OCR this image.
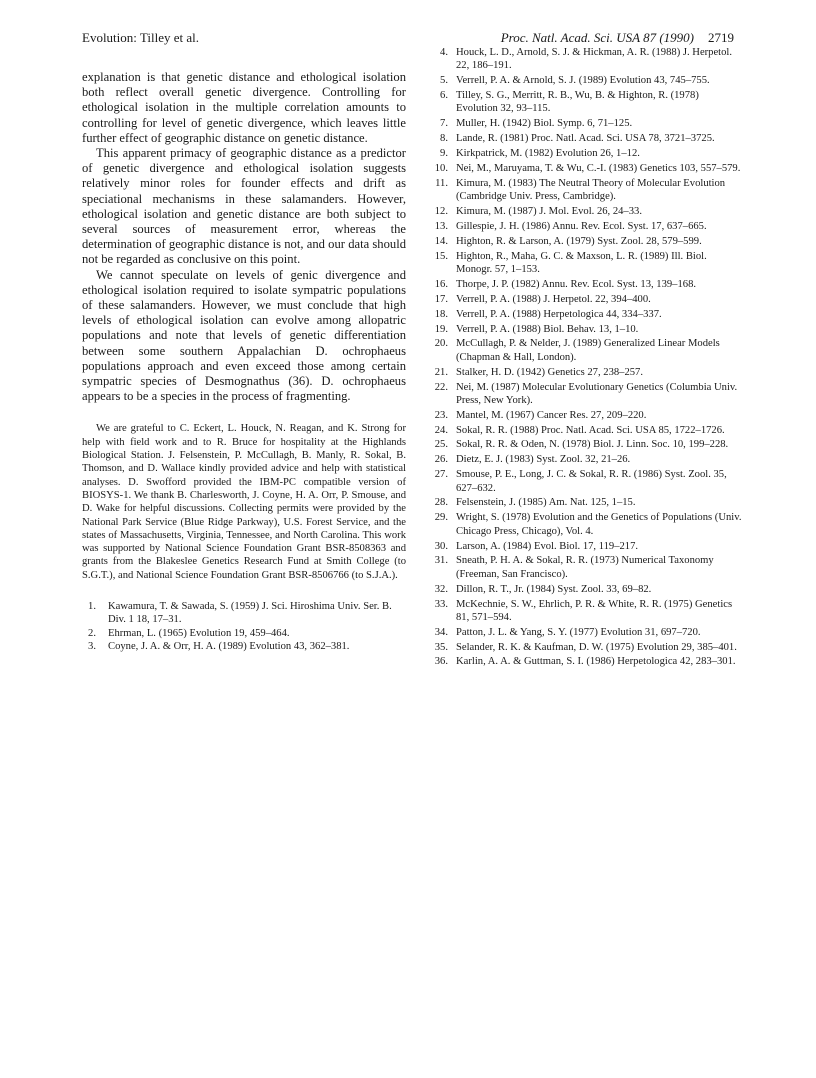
Evolution: Tilley et al.	Proc. Natl. Acad. Sci. USA 87 (1990) 2719

explanation is that genetic distance and ethological isolation both reflect overall genetic divergence. Controlling for ethological isolation in the multiple correlation amounts to controlling for level of genetic divergence, which leaves little further effect of geographic distance on genetic distance.

This apparent primacy of geographic distance as a predictor of genetic divergence and ethological isolation suggests relatively minor roles for founder effects and drift as speciational mechanisms in these salamanders. However, ethological isolation and genetic distance are both subject to several sources of measurement error, whereas the determination of geographic distance is not, and our data should not be regarded as conclusive on this point.

We cannot speculate on levels of genic divergence and ethological isolation required to isolate sympatric populations of these salamanders. However, we must conclude that high levels of ethological isolation can evolve among allopatric populations and note that levels of genetic differentiation between some southern Appalachian D. ochrophaeus populations approach and even exceed those among certain sympatric species of Desmognathus (36). D. ochrophaeus appears to be a species in the process of fragmenting.

We are grateful to C. Eckert, L. Houck, N. Reagan, and K. Strong for help with field work and to R. Bruce for hospitality at the Highlands Biological Station. J. Felsenstein, P. McCullagh, B. Manly, R. Sokal, B. Thomson, and D. Wallace kindly provided advice and help with statistical analyses. D. Swofford provided the IBM-PC compatible version of BIOSYS-1. We thank B. Charlesworth, J. Coyne, H. A. Orr, P. Smouse, and D. Wake for helpful discussions. Collecting permits were provided by the National Park Service (Blue Ridge Parkway), U.S. Forest Service, and the states of Massachusetts, Virginia, Tennessee, and North Carolina. This work was supported by National Science Foundation Grant BSR-8508363 and grants from the Blakeslee Genetics Research Fund at Smith College (to S.G.T.), and National Science Foundation Grant BSR-8506766 (to S.J.A.).

1. Kawamura, T. & Sawada, S. (1959) J. Sci. Hiroshima Univ. Ser. B. Div. 1 18, 17–31.
2. Ehrman, L. (1965) Evolution 19, 459–464.
3. Coyne, J. A. & Orr, H. A. (1989) Evolution 43, 362–381.
4. Houck, L. D., Arnold, S. J. & Hickman, A. R. (1988) J. Herpetol. 22, 186–191.
5. Verrell, P. A. & Arnold, S. J. (1989) Evolution 43, 745–755.
6. Tilley, S. G., Merritt, R. B., Wu, B. & Highton, R. (1978) Evolution 32, 93–115.
7. Muller, H. (1942) Biol. Symp. 6, 71–125.
8. Lande, R. (1981) Proc. Natl. Acad. Sci. USA 78, 3721–3725.
9. Kirkpatrick, M. (1982) Evolution 26, 1–12.
10. Nei, M., Maruyama, T. & Wu, C.-I. (1983) Genetics 103, 557–579.
11. Kimura, M. (1983) The Neutral Theory of Molecular Evolution (Cambridge Univ. Press, Cambridge).
12. Kimura, M. (1987) J. Mol. Evol. 26, 24–33.
13. Gillespie, J. H. (1986) Annu. Rev. Ecol. Syst. 17, 637–665.
14. Highton, R. & Larson, A. (1979) Syst. Zool. 28, 579–599.
15. Highton, R., Maha, G. C. & Maxson, L. R. (1989) Ill. Biol. Monogr. 57, 1–153.
16. Thorpe, J. P. (1982) Annu. Rev. Ecol. Syst. 13, 139–168.
17. Verrell, P. A. (1988) J. Herpetol. 22, 394–400.
18. Verrell, P. A. (1988) Herpetologica 44, 334–337.
19. Verrell, P. A. (1988) Biol. Behav. 13, 1–10.
20. McCullagh, P. & Nelder, J. (1989) Generalized Linear Models (Chapman & Hall, London).
21. Stalker, H. D. (1942) Genetics 27, 238–257.
22. Nei, M. (1987) Molecular Evolutionary Genetics (Columbia Univ. Press, New York).
23. Mantel, M. (1967) Cancer Res. 27, 209–220.
24. Sokal, R. R. (1988) Proc. Natl. Acad. Sci. USA 85, 1722–1726.
25. Sokal, R. R. & Oden, N. (1978) Biol. J. Linn. Soc. 10, 199–228.
26. Dietz, E. J. (1983) Syst. Zool. 32, 21–26.
27. Smouse, P. E., Long, J. C. & Sokal, R. R. (1986) Syst. Zool. 35, 627–632.
28. Felsenstein, J. (1985) Am. Nat. 125, 1–15.
29. Wright, S. (1978) Evolution and the Genetics of Populations (Univ. Chicago Press, Chicago), Vol. 4.
30. Larson, A. (1984) Evol. Biol. 17, 119–217.
31. Sneath, P. H. A. & Sokal, R. R. (1973) Numerical Taxonomy (Freeman, San Francisco).
32. Dillon, R. T., Jr. (1984) Syst. Zool. 33, 69–82.
33. McKechnie, S. W., Ehrlich, P. R. & White, R. R. (1975) Genetics 81, 571–594.
34. Patton, J. L. & Yang, S. Y. (1977) Evolution 31, 697–720.
35. Selander, R. K. & Kaufman, D. W. (1975) Evolution 29, 385–401.
36. Karlin, A. A. & Guttman, S. I. (1986) Herpetologica 42, 283–301.
